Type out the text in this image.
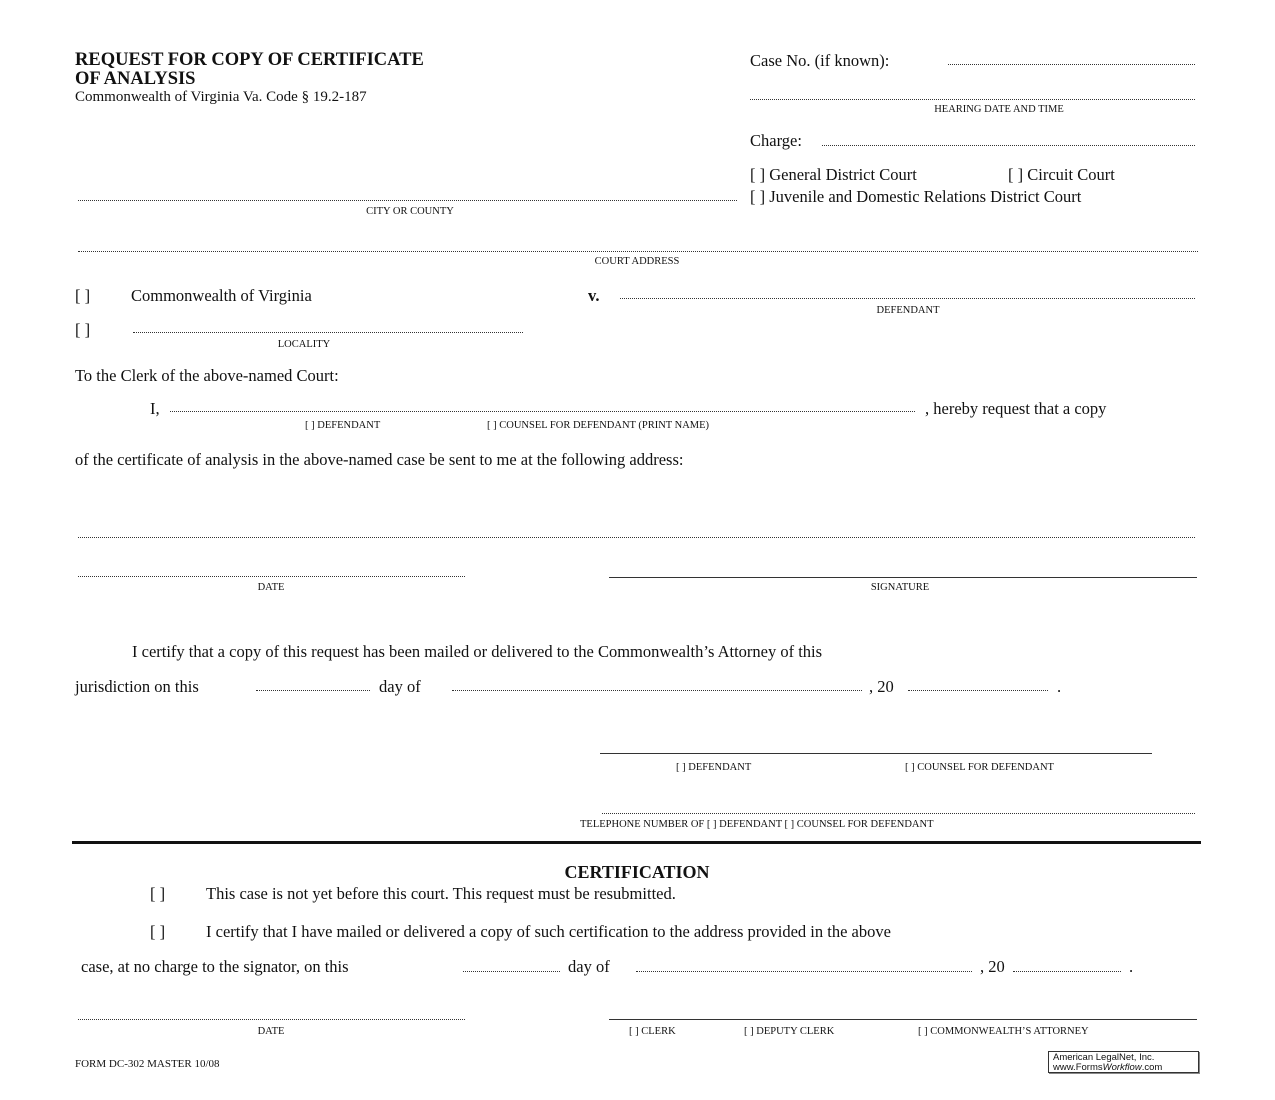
REQUEST FOR COPY OF CERTIFICATE
OF ANALYSIS
Commonwealth of Virginia Va. Code § 19.2-187
Case No. (if known):
HEARING DATE AND TIME
Charge:
[ ] General District Court	[ ] Circuit Court
[ ] Juvenile and Domestic Relations District Court
CITY OR COUNTY
COURT ADDRESS
[ ] Commonwealth of Virginia	v.
DEFENDANT
[ ]
LOCALITY
To the Clerk of the above-named Court:
I,	, hereby request that a copy
[ ] DEFENDANT	[ ] COUNSEL FOR DEFENDANT (PRINT NAME)
of the certificate of analysis in the above-named case be sent to me at the following address:
DATE	SIGNATURE
I certify that a copy of this request has been mailed or delivered to the Commonwealth’s Attorney of this
jurisdiction on this	day of	, 20	.
[ ] DEFENDANT	[ ] COUNSEL FOR DEFENDANT
TELEPHONE NUMBER OF [ ] DEFENDANT [ ] COUNSEL FOR DEFENDANT
CERTIFICATION
[ ] This case is not yet before this court. This request must be resubmitted.
[ ] I certify that I have mailed or delivered a copy of such certification to the address provided in the above
case, at no charge to the signator, on this	day of	, 20	.
DATE	[ ] CLERK	[ ] DEPUTY CLERK	[ ] COMMONWEALTH’S ATTORNEY
FORM DC-302 MASTER 10/08
American LegalNet, Inc.
www.FormsWorkflow.com
